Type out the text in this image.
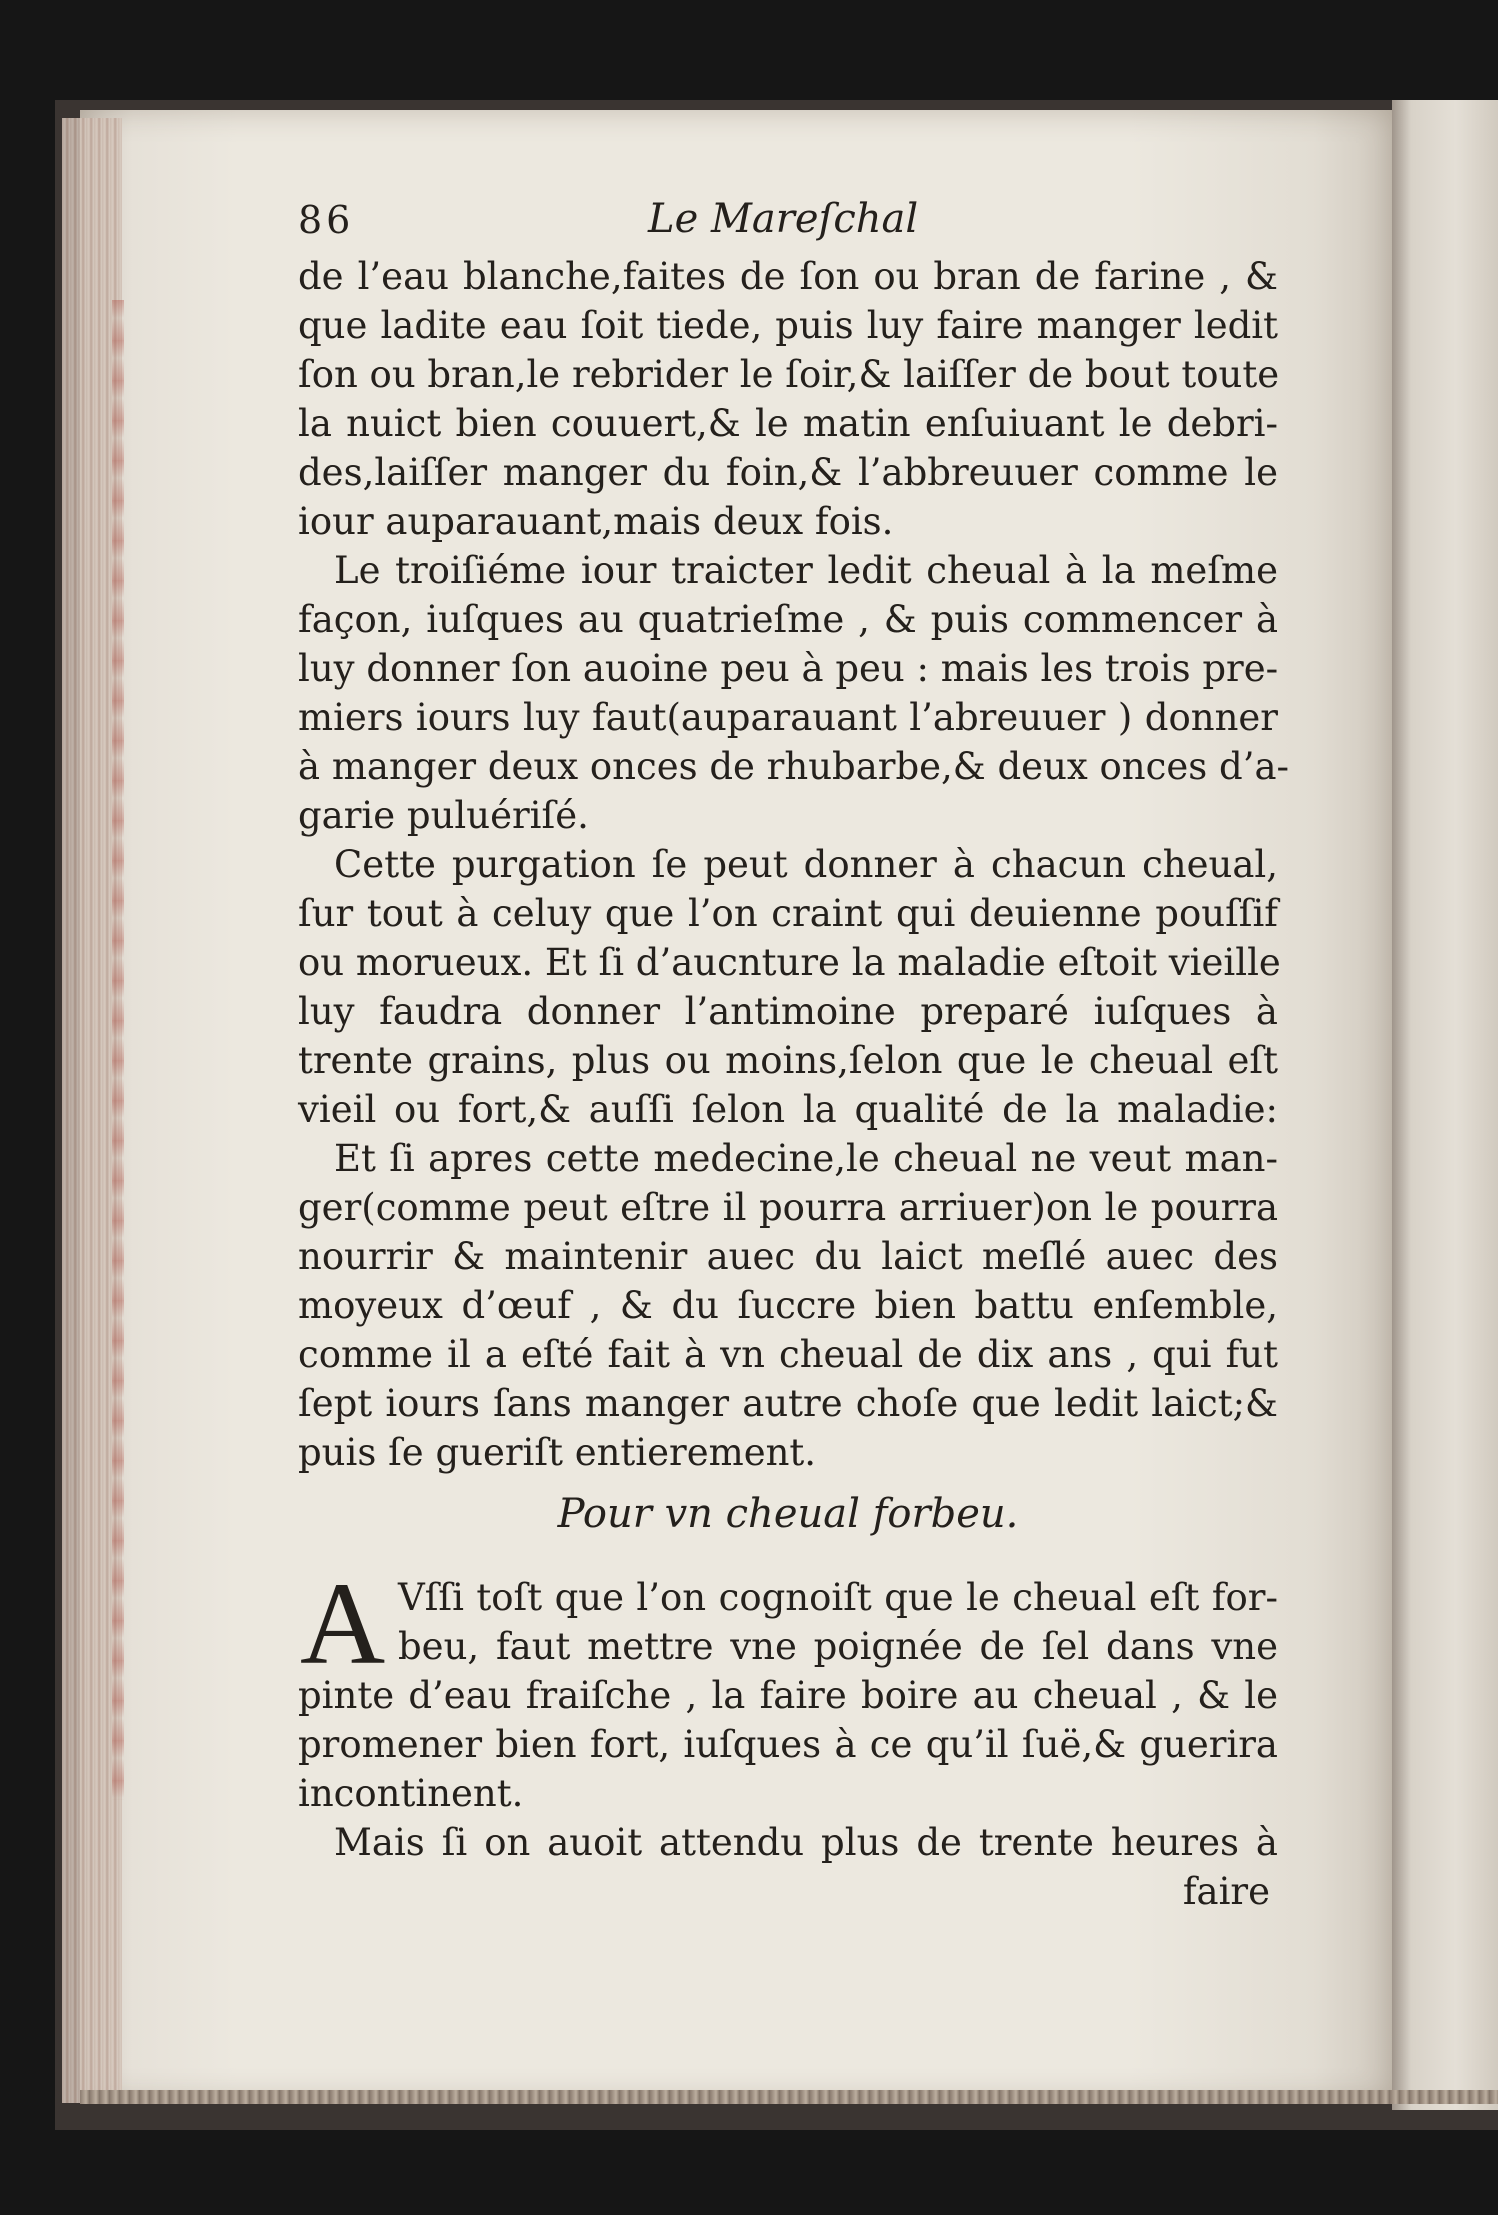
86	Le Mareſchal
de l’eau blanche,faites de ſon ou bran de farine , &
que ladite eau ſoit tiede, puis luy faire manger ledit
ſon ou bran,le rebrider le ſoir,& laiſſer de bout toute
la nuict bien couuert,& le matin enſuiuant le debri-
des,laiſſer manger du foin,& l’abbreuuer comme le
iour auparauant,mais deux fois.
Le troiſiéme iour traicter ledit cheual à la meſme
façon, iuſques au quatrieſme , & puis commencer à
luy donner ſon auoine peu à peu : mais les trois pre-
miers iours luy faut(auparauant l’abreuuer ) donner
à manger deux onces de rhubarbe,& deux onces d’a-
garie puluériſé.
Cette purgation ſe peut donner à chacun cheual,
ſur tout à celuy que l’on craint qui deuienne pouſſif
ou morueux. Et ſi d’aucnture la maladie eſtoit vieille
luy faudra donner l’antimoine preparé iuſques à
trente grains, plus ou moins,ſelon que le cheual eſt
vieil ou fort,& auſſi ſelon la qualité de la maladie:
Et ſi apres cette medecine,le cheual ne veut man-
ger(comme peut eſtre il pourra arriuer)on le pourra
nourrir & maintenir auec du laict meſlé auec des
moyeux d’œuf , & du ſuccre bien battu enſemble,
comme il a eſté fait à vn cheual de dix ans , qui fut
ſept iours ſans manger autre choſe que ledit laict;&
puis ſe gueriſt entierement.
Pour vn cheual forbeu.
A Vſſi toſt que l’on cognoiſt que le cheual eſt for-
beu, faut mettre vne poignée de ſel dans vne
pinte d’eau fraiſche , la faire boire au cheual , & le
promener bien fort, iuſques à ce qu’il ſuë,& guerira
incontinent.
Mais ſi on auoit attendu plus de trente heures à
faire
